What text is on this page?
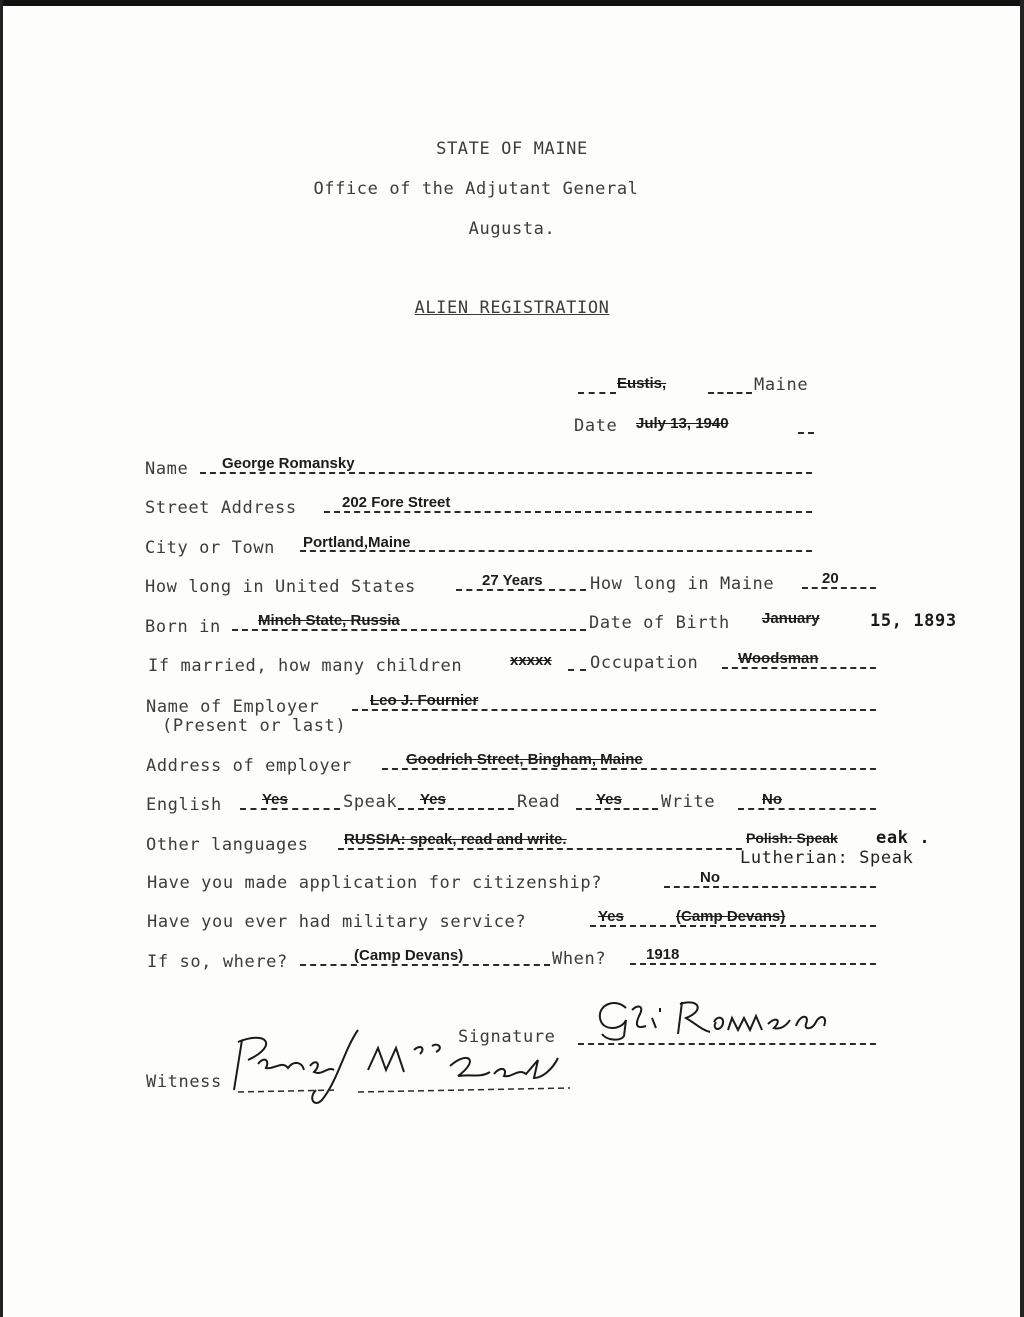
STATE OF MAINE
Office of the Adjutant General
Augusta.
ALIEN REGISTRATION
Eustis,	Maine
Date July 13, 1940
Name George Romansky
Street Address	202 Fore Street
City or Town Portland,Maine
How long in United States	27 Years	How long in Maine	20
Born in Minch State, Russia	Date of Birth January	15, 1893
If married, how many children	xxxxx Occupation	Woodsman
Name of Employer
(Present or last)
Leo J. Fournier
Address of employer	Goodrich Street, Bingham, Maine
English	Yes	Speak Yes	Read Yes Write	No
Other languages RUSSIA: speak, read and write.	Polish: Speak eak .
Lutherian: Speak
Have you made application for citizenship?	No
Have you ever had military service?	Yes	(Camp Devans)
If so, where?	(Camp Devans)	When?	1918
Signature
Witness
